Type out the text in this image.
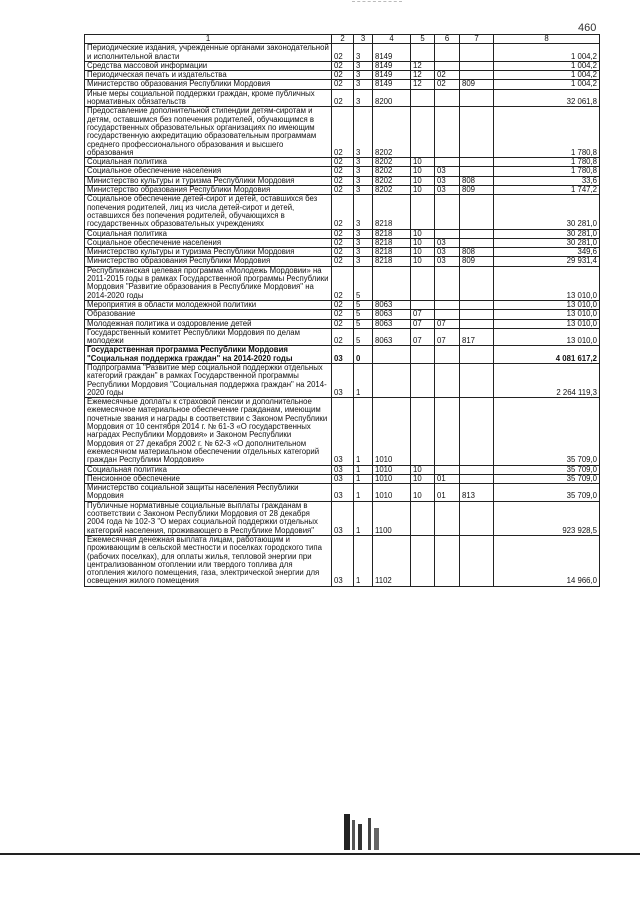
460
1	2	3	4	5	6	7	8
Периодические издания, учрежденные органами законодательной и исполнительной власти	02	3	8149				1 004,2
Средства массовой информации	02	3	8149	12			1 004,2
Периодическая печать и издательства	02	3	8149	12	02		1 004,2
Министерство образования Республики Мордовия	02	3	8149	12	02	809	1 004,2
Иные меры социальной поддержки граждан, кроме публичных нормативных обязательств	02	3	8200				32 061,8
Предоставление дополнительной стипендии детям-сиротам и детям, оставшимся без попечения родителей, обучающимся в государственных образовательных организациях по имеющим государственную аккредитацию образовательным программам среднего профессионального образования и высшего образования	02	3	8202				1 780,8
Социальная политика	02	3	8202	10			1 780,8
Социальное обеспечение населения	02	3	8202	10	03		1 780,8
Министерство культуры и туризма Республики Мордовия	02	3	8202	10	03	808	33,6
Министерство образования Республики Мордовия	02	3	8202	10	03	809	1 747,2
Социальное обеспечение детей-сирот и детей, оставшихся без попечения родителей, лиц из числа детей-сирот и детей, оставшихся без попечения родителей, обучающихся в государственных образовательных учреждениях	02	3	8218				30 281,0
Социальная политика	02	3	8218	10			30 281,0
Социальное обеспечение населения	02	3	8218	10	03		30 281,0
Министерство культуры и туризма Республики Мордовия	02	3	8218	10	03	808	349,6
Министерство образования Республики Мордовия	02	3	8218	10	03	809	29 931,4
Республиканская целевая программа «Молодежь Мордовии» на 2011-2015 годы в рамках Государственной программы Республики Мордовия "Развитие образования в Республике Мордовия" на 2014-2020 годы	02	5					13 010,0
Мероприятия в области молодежной политики	02	5	8063				13 010,0
Образование	02	5	8063	07			13 010,0
Молодежная политика и оздоровление детей	02	5	8063	07	07		13 010,0
Государственный комитет Республики Мордовия по делам молодежи	02	5	8063	07	07	817	13 010,0
Государственная программа Республики Мордовия "Социальная поддержка граждан" на 2014-2020 годы	03	0					4 081 617,2
Подпрограмма "Развитие мер социальной поддержки отдельных категорий граждан" в рамках Государственной программы Республики Мордовия "Социальная поддержка граждан" на 2014-2020 годы	03	1					2 264 119,3
Ежемесячные доплаты к страховой пенсии и дополнительное ежемесячное материальное обеспечение гражданам, имеющим почетные звания и награды в соответствии с Законом Республики Мордовия от 10 сентября 2014 г. № 61-З «О государственных наградах Республики Мордовия» и Законом Республики Мордовия от 27 декабря 2002 г. № 62-З «О дополнительном ежемесячном материальном обеспечении отдельных категорий граждан Республики Мордовия»	03	1	1010				35 709,0
Социальная политика	03	1	1010	10			35 709,0
Пенсионное обеспечение	03	1	1010	10	01		35 709,0
Министерство социальной защиты населения Республики Мордовия	03	1	1010	10	01	813	35 709,0
Публичные нормативные социальные выплаты гражданам в соответствии с Законом Республики Мордовия от 28 декабря 2004 года № 102-З "О мерах социальной поддержки отдельных категорий населения, проживающего в Республике Мордовия"	03	1	1100				923 928,5
Ежемесячная денежная выплата лицам, работающим и проживающим в сельской местности и поселках городского типа (рабочих поселках), для оплаты жилья, тепловой энергии при централизованном отоплении или твердого топлива для отопления жилого помещения, газа, электрической энергии для освещения жилого помещения	03	1	1102				14 966,0
